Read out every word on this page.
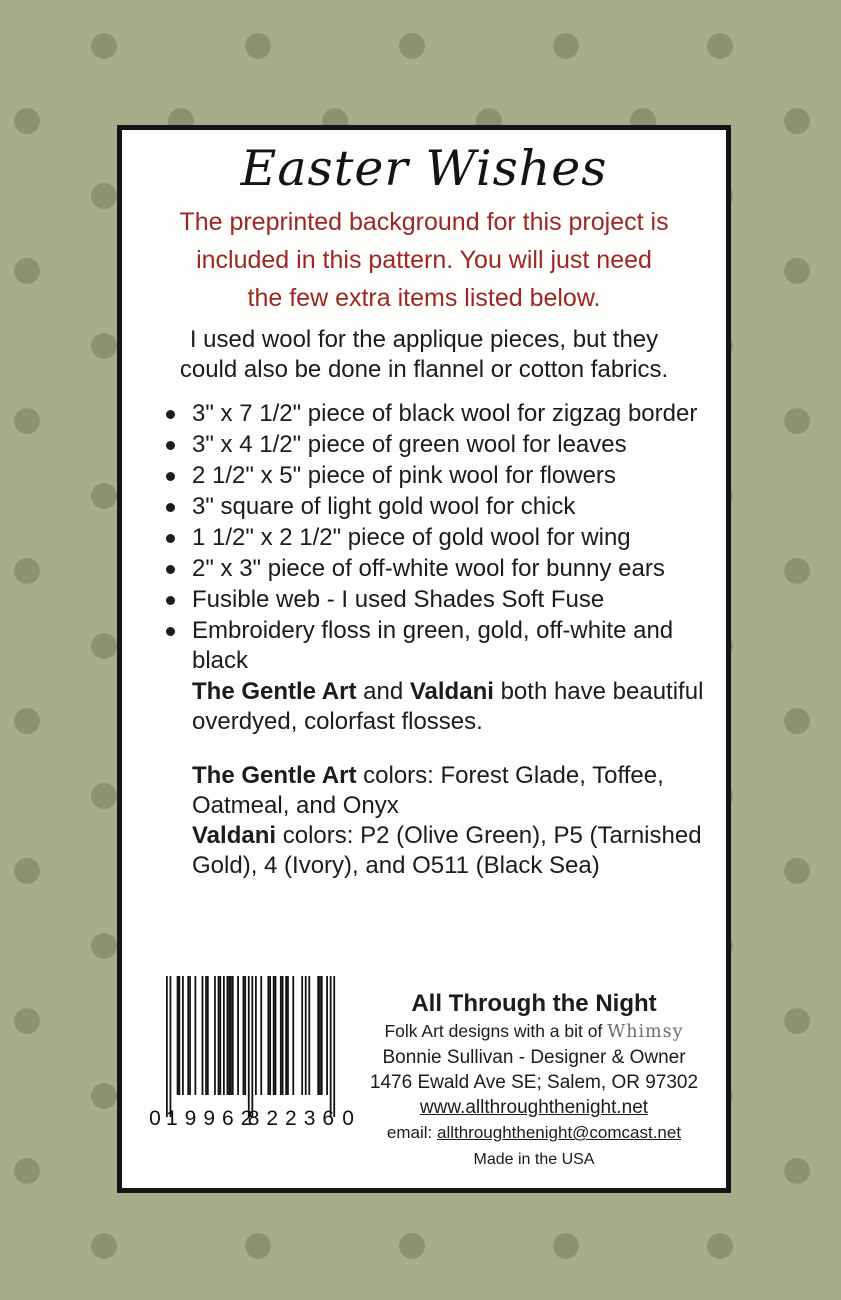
Easter Wishes

The preprinted background for this project is
included in this pattern. You will just need
the few extra items listed below.

I used wool for the applique pieces, but they
could also be done in flannel or cotton fabrics.

3" x 7 1/2" piece of black wool for zigzag border
3" x 4 1/2" piece of green wool for leaves
2 1/2" x 5" piece of pink wool for flowers
3" square of light gold wool for chick
1 1/2" x 2 1/2" piece of gold wool for wing
2" x 3" piece of off-white wool for bunny ears
Fusible web - I used Shades Soft Fuse
Embroidery floss in green, gold, off-white and black

The Gentle Art and Valdani both have beautiful overdyed, colorfast flosses.

The Gentle Art colors: Forest Glade, Toffee, Oatmeal, and Onyx

Valdani colors: P2 (Olive Green), P5 (Tarnished Gold), 4 (Ivory), and O511 (Black Sea)

0 19962
82236 0
All Through the Night
Folk Art designs with a bit of Whimsy
Bonnie Sullivan - Designer & Owner
1476 Ewald Ave SE; Salem, OR 97302
www.allthroughthenight.net
email: allthroughthenight@comcast.net
Made in the USA
